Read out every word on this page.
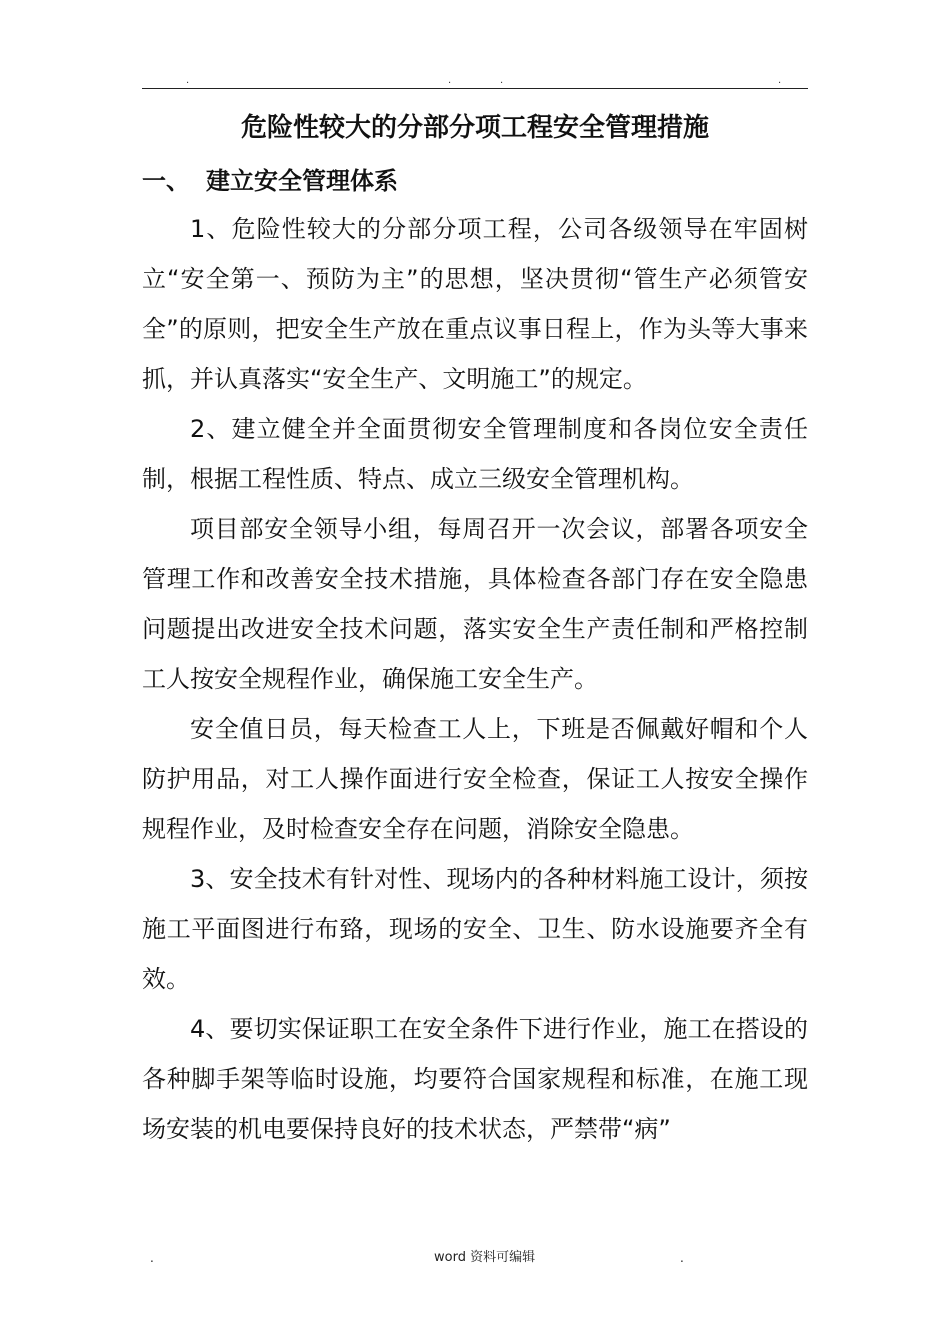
.	.	.	.
危险性较大的分部分项工程安全管理措施
一、 建立安全管理体系

1、危险性较大的分部分项工程，公司各级领导在牢固树立“安全第一、预防为主”的思想，坚决贯彻“管生产必须管安全”的原则，把安全生产放在重点议事日程上，作为头等大事来抓，并认真落实“安全生产、文明施工”的规定。

2、建立健全并全面贯彻安全管理制度和各岗位安全责任制，根据工程性质、特点、成立三级安全管理机构。

项目部安全领导小组，每周召开一次会议，部署各项安全管理工作和改善安全技术措施，具体检查各部门存在安全隐患问题提出改进安全技术问题，落实安全生产责任制和严格控制工人按安全规程作业，确保施工安全生产。

安全值日员，每天检查工人上，下班是否佩戴好帽和个人防护用品，对工人操作面进行安全检查，保证工人按安全操作规程作业，及时检查安全存在问题，消除安全隐患。

3、安全技术有针对性、现场内的各种材料施工设计，须按施工平面图进行布臵，现场的安全、卫生、防水设施要齐全有效。

4、要切实保证职工在安全条件下进行作业，施工在搭设的各种脚手架等临时设施，均要符合国家规程和标准，在施工现场安装的机电要保持良好的技术状态，严禁带“病”

.	word 资料可编辑	.
